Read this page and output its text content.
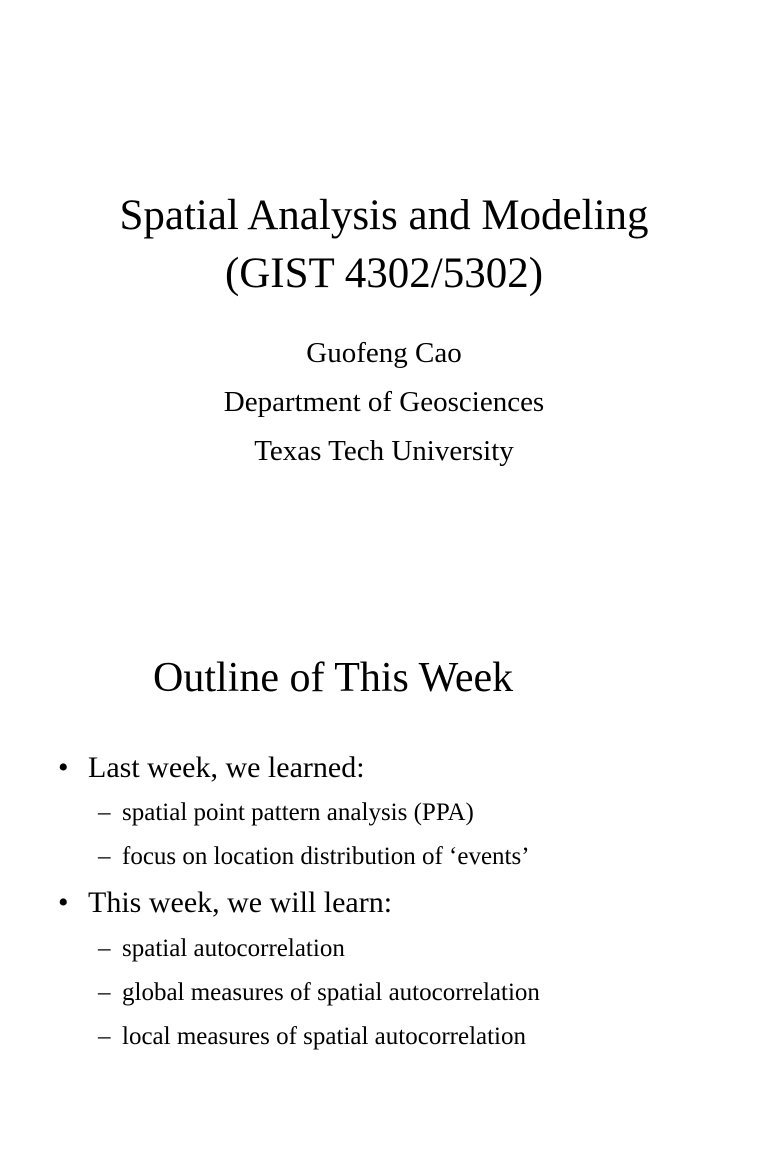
Spatial Analysis and Modeling
(GIST 4302/5302)
Guofeng Cao
Department of Geosciences
Texas Tech University
Outline of This Week
• Last week, we learned:
– spatial point pattern analysis (PPA)
– focus on location distribution of ‘events’
• This week, we will learn:
– spatial autocorrelation
– global measures of spatial autocorrelation
– local measures of spatial autocorrelation
